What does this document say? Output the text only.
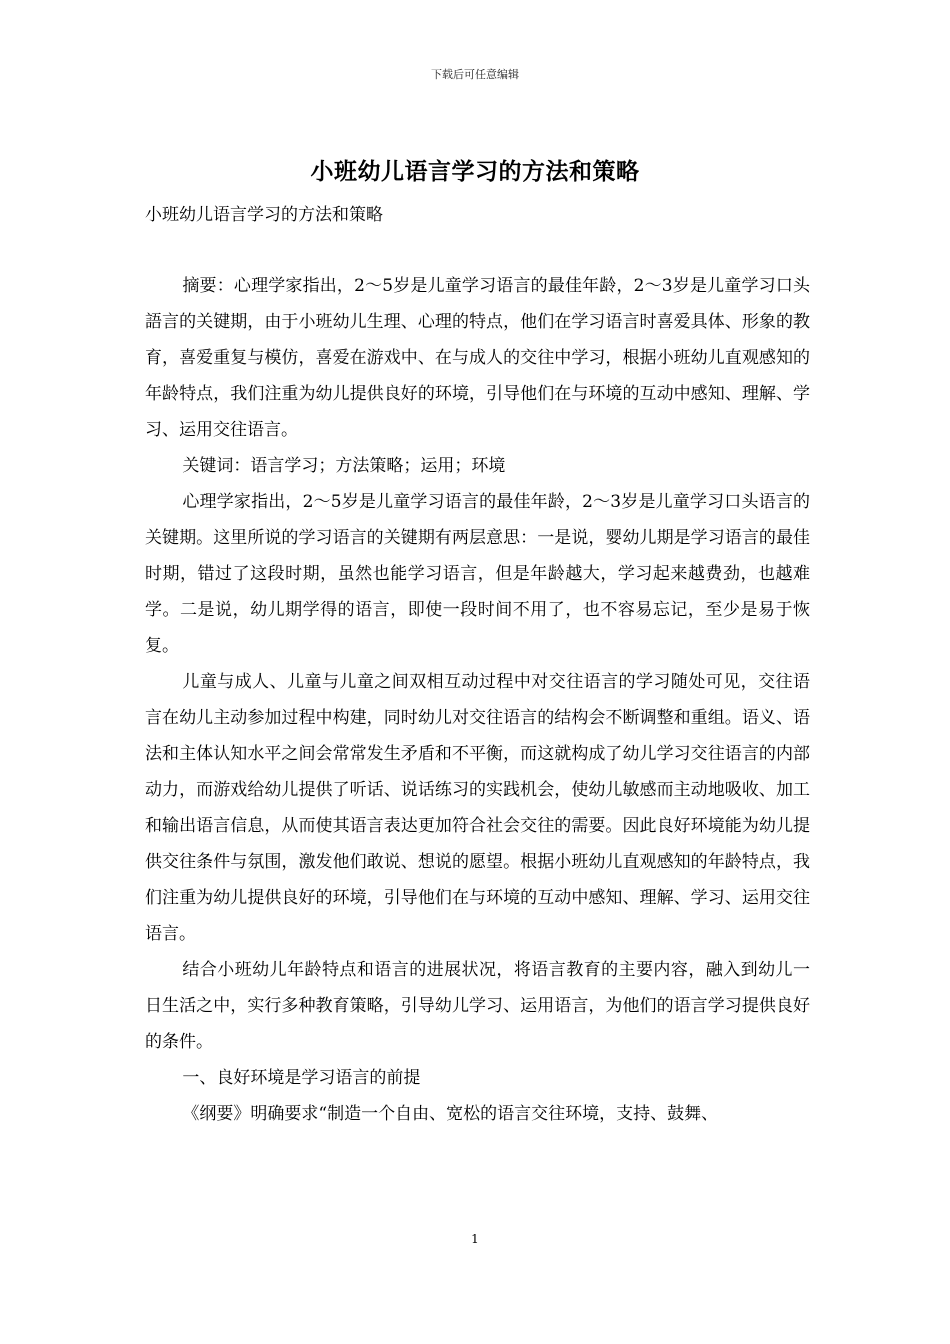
下载后可任意编辑
小班幼儿语言学习的方法和策略

小班幼儿语言学习的方法和策略

摘要：心理学家指出，2～5岁是儿童学习语言的最佳年龄，2～3岁是儿童学习口头語言的关键期，由于小班幼儿生理、心理的特点，他们在学习语言时喜爱具体、形象的教育，喜爱重复与模仿，喜爱在游戏中、在与成人的交往中学习，根据小班幼儿直观感知的年龄特点，我们注重为幼儿提供良好的环境，引导他们在与环境的互动中感知、理解、学习、运用交往语言。

关键词：语言学习；方法策略；运用；环境

心理学家指出，2～5岁是儿童学习语言的最佳年龄，2～3岁是儿童学习口头语言的关键期。这里所说的学习语言的关键期有两层意思：一是说，婴幼儿期是学习语言的最佳时期，错过了这段时期，虽然也能学习语言，但是年龄越大，学习起来越费劲，也越难学。二是说，幼儿期学得的语言，即使一段时间不用了，也不容易忘记，至少是易于恢复。

儿童与成人、儿童与儿童之间双相互动过程中对交往语言的学习随处可见，交往语言在幼儿主动参加过程中构建，同时幼儿对交往语言的结构会不断调整和重组。语义、语法和主体认知水平之间会常常发生矛盾和不平衡，而这就构成了幼儿学习交往语言的内部动力，而游戏给幼儿提供了听话、说话练习的实践机会，使幼儿敏感而主动地吸收、加工和输出语言信息，从而使其语言表达更加符合社会交往的需要。因此良好环境能为幼儿提供交往条件与氛围，激发他们敢说、想说的愿望。根据小班幼儿直观感知的年龄特点，我们注重为幼儿提供良好的环境，引导他们在与环境的互动中感知、理解、学习、运用交往语言。

结合小班幼儿年龄特点和语言的进展状况，将语言教育的主要内容，融入到幼儿一日生活之中，实行多种教育策略，引导幼儿学习、运用语言，为他们的语言学习提供良好的条件。

一、良好环境是学习语言的前提

《纲要》明确要求“制造一个自由、宽松的语言交往环境，支持、鼓舞、

1
